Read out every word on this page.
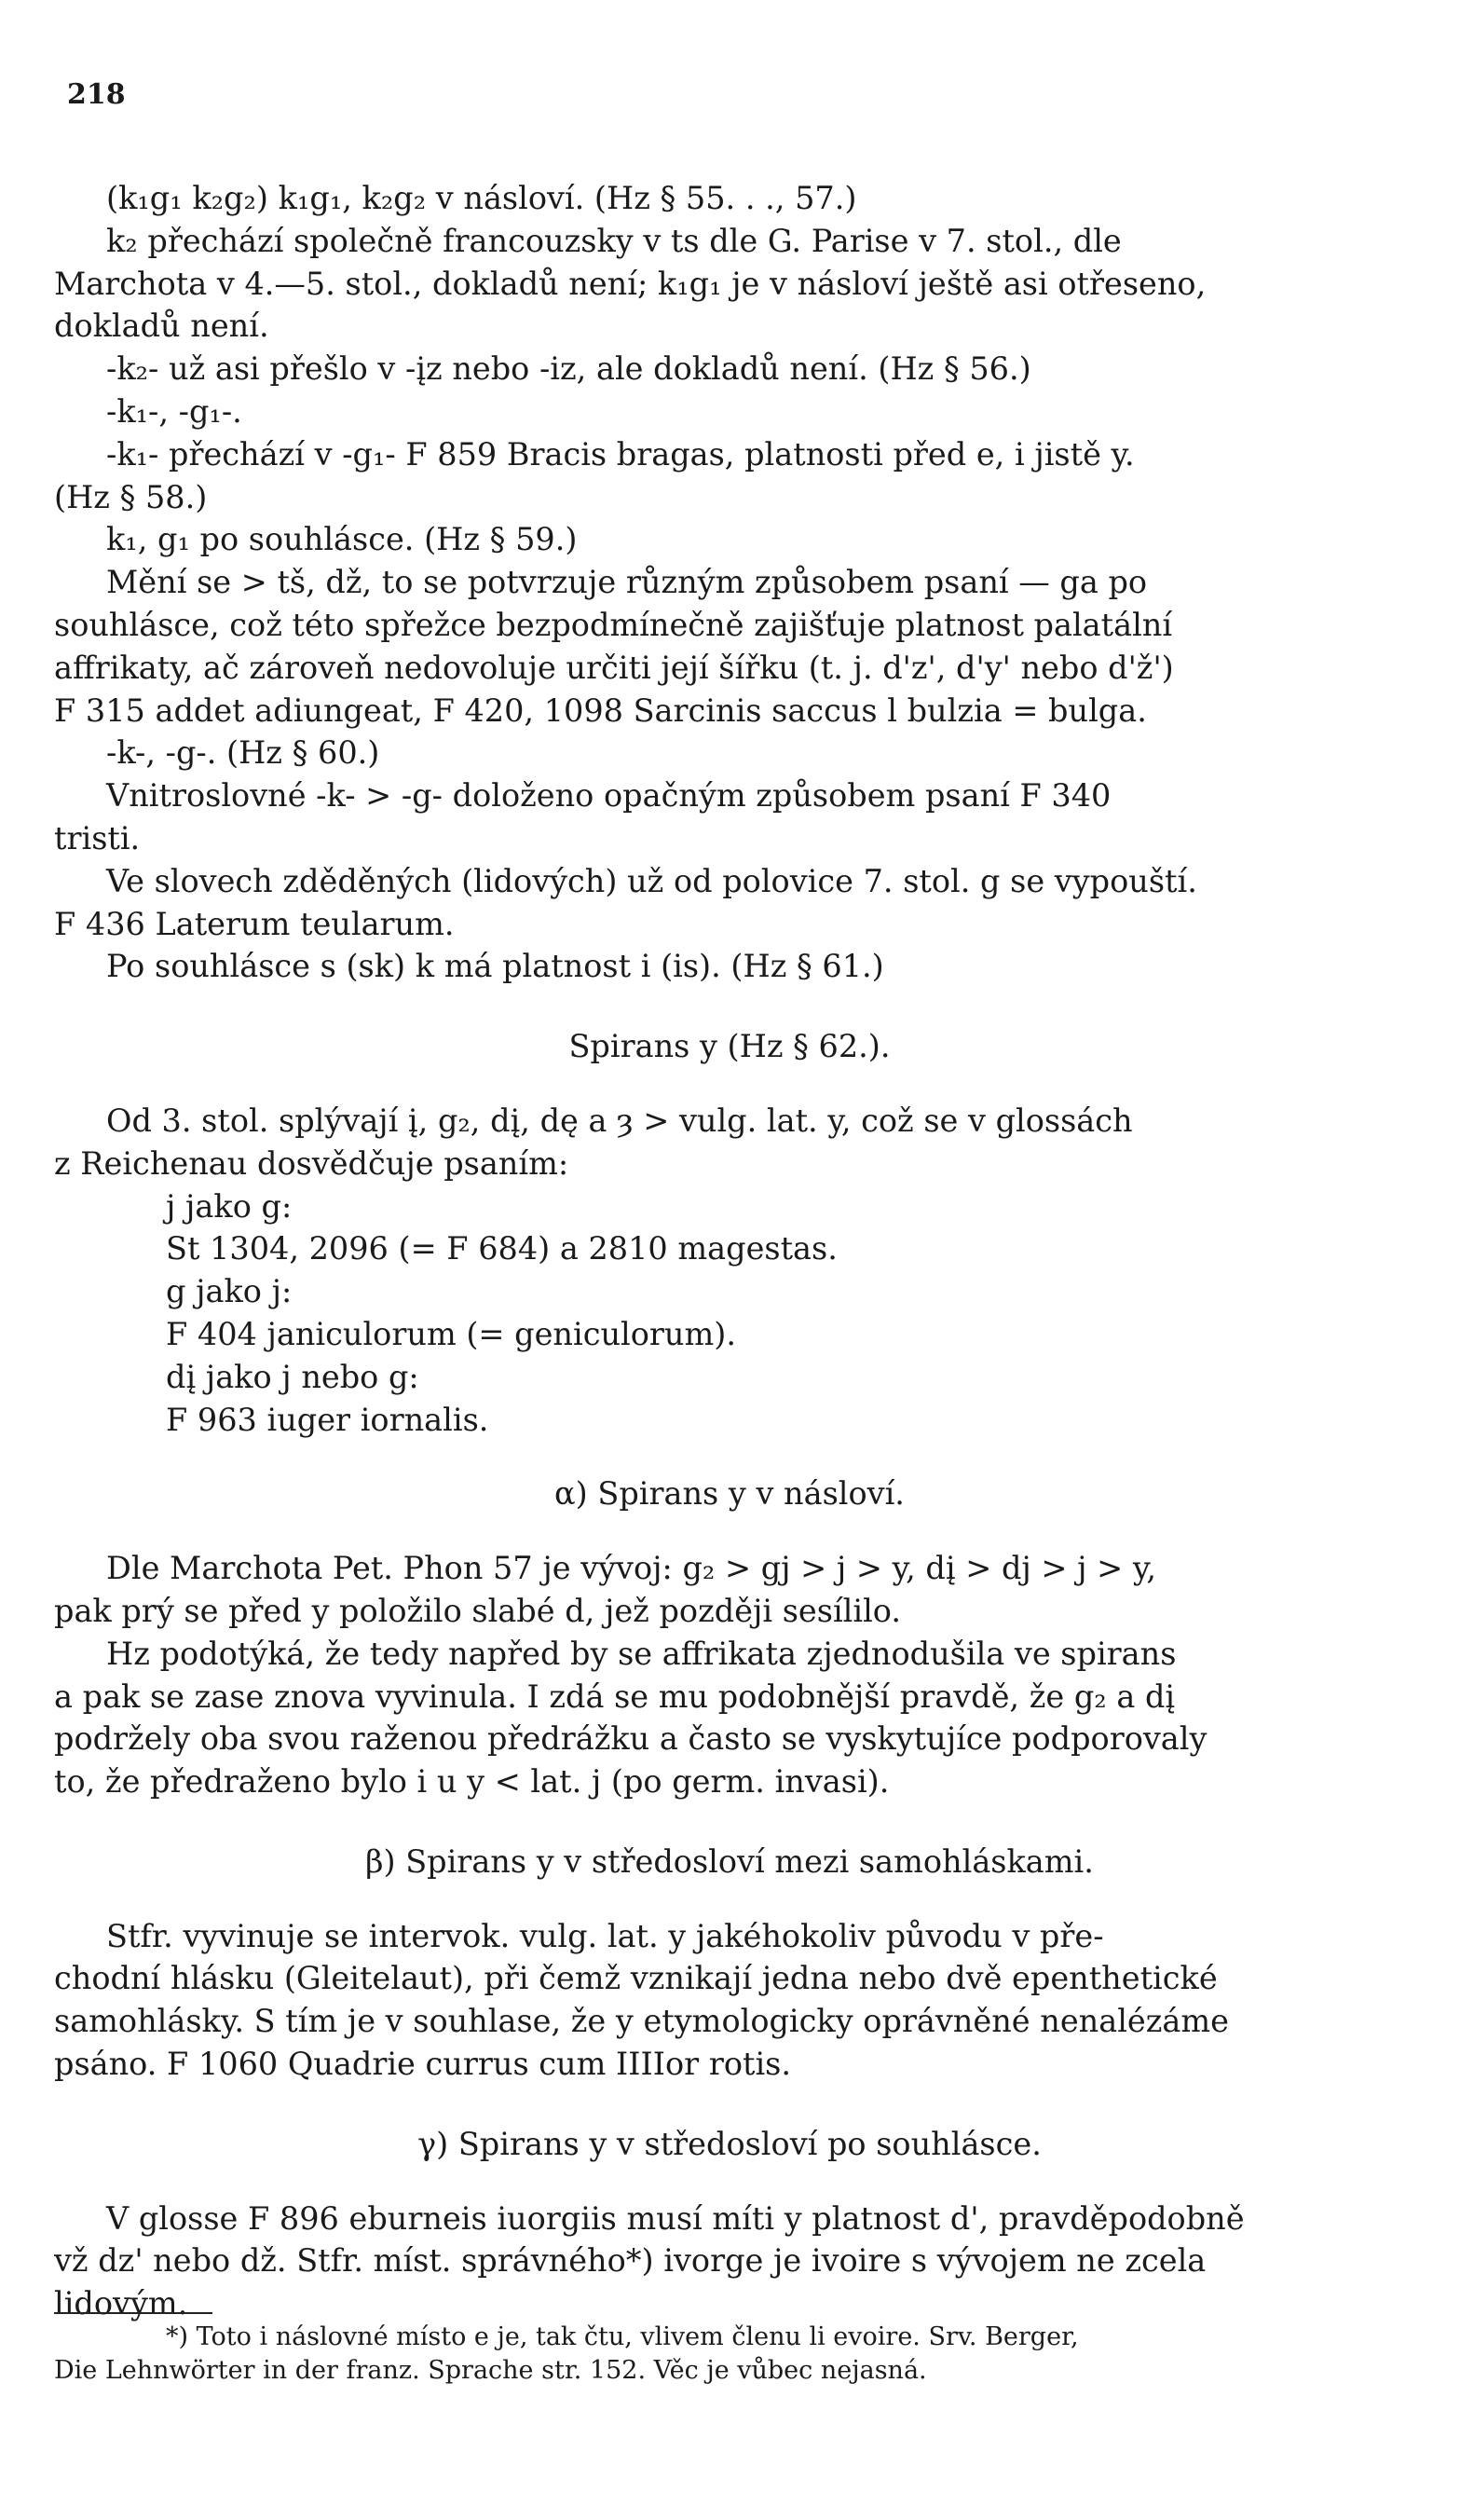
218
(k₁g₁ k₂g₂) k₁g₁, k₂g₂ v násloví. (Hz § 55. . ., 57.)
k₂ přechází společně francouzsky v ts dle G. Parise v 7. stol., dle
Marchota v 4.—5. stol., dokladů není; k₁g₁ je v násloví ještě asi otřeseno,
dokladů není.
-k₂- už asi přešlo v -įz nebo -iz, ale dokladů není. (Hz § 56.)
-k₁-, -g₁-.
-k₁- přechází v -g₁- F 859 Bracis bragas, platnosti před e, i jistě y.
(Hz § 58.)
k₁, g₁ po souhlásce. (Hz § 59.)
Mění se > tš, dž, to se potvrzuje různým způsobem psaní — ga po
souhlásce, což této spřežce bezpodmínečně zajišťuje platnost palatální
affrikaty, ač zároveň nedovoluje určiti její šířku (t. j. d'z', d'y' nebo d'ž')
F 315 addet adiungeat, F 420, 1098 Sarcinis saccus l bulzia = bulga.
-k-, -g-. (Hz § 60.)
Vnitroslovné -k- > -g- doloženo opačným způsobem psaní F 340
tristi.
Ve slovech zděděných (lidových) už od polovice 7. stol. g se vypouští.
F 436 Laterum teularum.
Po souhlásce s (sk) k má platnost i (is). (Hz § 61.)
Spirans y (Hz § 62.).
Od 3. stol. splývají į, g₂, dį, dę a ȝ > vulg. lat. y, což se v glossách
z Reichenau dosvědčuje psaním:
j jako g:
St 1304, 2096 (= F 684) a 2810 magestas.
g jako j:
F 404 janiculorum (= geniculorum).
dį jako j nebo g:
F 963 iuger iornalis.
α) Spirans y v násloví.
Dle Marchota Pet. Phon 57 je vývoj: g₂ > gj > j > y, dį > dj > j > y,
pak prý se před y položilo slabé d, jež později sesílilo.
Hz podotýká, že tedy napřed by se affrikata zjednodušila ve spirans
a pak se zase znova vyvinula. I zdá se mu podobnější pravdě, že g₂ a dį
podržely oba svou raženou předrážku a často se vyskytujíce podporovaly
to, že předraženo bylo i u y < lat. j (po germ. invasi).
β) Spirans y v středosloví mezi samohláskami.
Stfr. vyvinuje se intervok. vulg. lat. y jakéhokoliv původu v pře-
chodní hlásku (Gleitelaut), při čemž vznikají jedna nebo dvě epenthetické
samohlásky. S tím je v souhlase, že y etymologicky oprávněné nenalézáme
psáno. F 1060 Quadrie currus cum IIIIor rotis.
γ) Spirans y v středosloví po souhlásce.
V glosse F 896 eburneis iuorgiis musí míti y platnost d', pravděpodobně
vž dz' nebo dž. Stfr. míst. správného*) ivorge je ivoire s vývojem ne zcela
lidovým.
*) Toto i náslovné místo e je, tak čtu, vlivem členu li evoire. Srv. Berger,
Die Lehnwörter in der franz. Sprache str. 152. Věc je vůbec nejasná.
